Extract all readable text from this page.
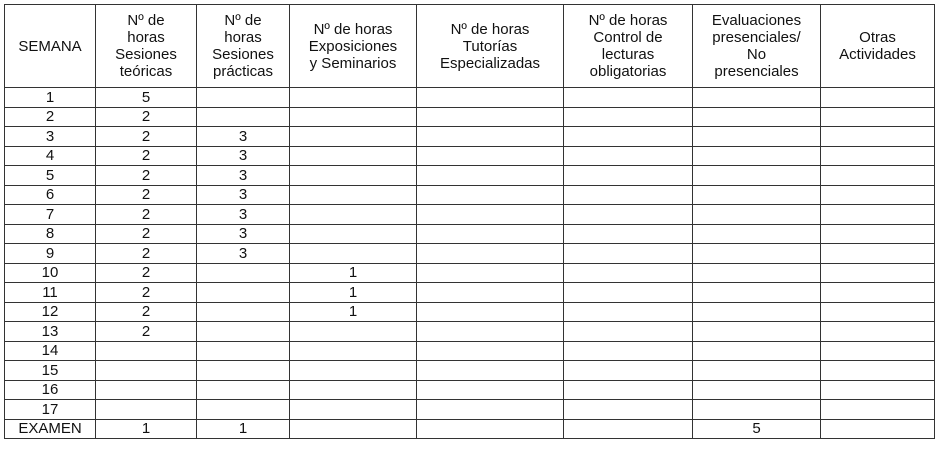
SEMANA	Nº de
horas
Sesiones
teóricas	Nº de
horas
Sesiones
prácticas	Nº de horas
Exposiciones
y Seminarios	Nº de horas
Tutorías
Especializadas	Nº de horas
Control de
lecturas
obligatorias	Evaluaciones
presenciales/
No
presenciales	Otras
Actividades
1	5						
2	2						
3	2	3					
4	2	3					
5	2	3					
6	2	3					
7	2	3					
8	2	3					
9	2	3					
10	2		1				
11	2		1				
12	2		1				
13	2						
14							
15							
16							
17							
EXAMEN	1	1				5	
